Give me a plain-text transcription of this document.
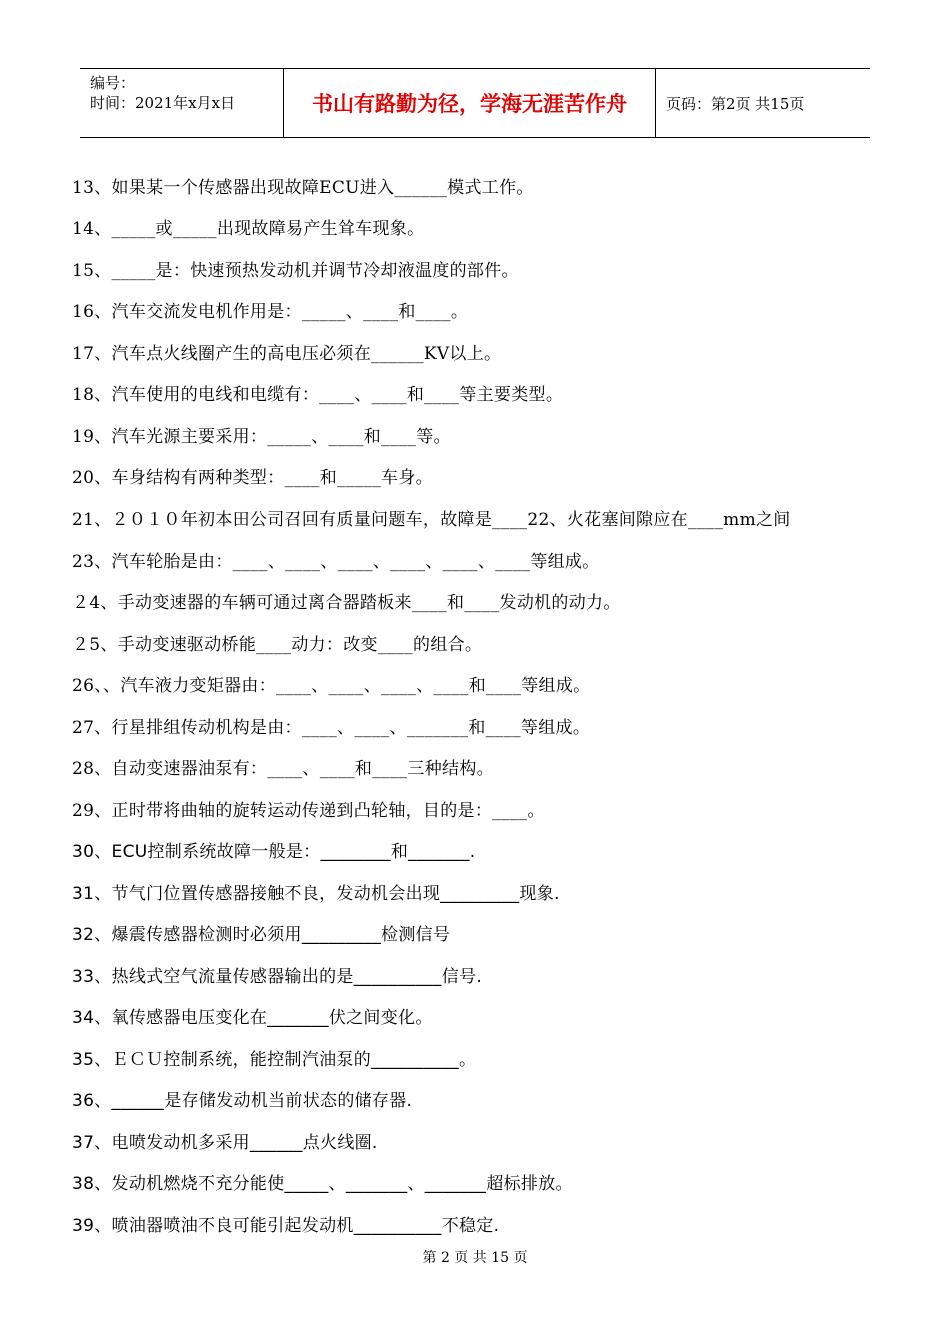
编号：
时间：2021年x月x日	书山有路勤为径，学海无涯苦作舟	页码：第2页 共15页
13、如果某一个传感器出现故障ECU进入______模式工作。
14、_____或_____出现故障易产生耸车现象。
15、_____是：快速预热发动机并调节冷却液温度的部件。
16、汽车交流发电机作用是：_____、____和____。
17、汽车点火线圈产生的高电压必须在______KV以上。
18、汽车使用的电线和电缆有：____、____和____等主要类型。
19、汽车光源主要采用：_____、____和____等。
20、车身结构有两种类型：____和_____车身。
21、２０１０年初本田公司召回有质量问题车，故障是____22、火花塞间隙应在____mm之间
23、汽车轮胎是由：____、____、____、____、____、____等组成。
２4、手动变速器的车辆可通过离合器踏板来____和____发动机的动力。
２5、手动变速驱动桥能____动力：改变____的组合。
26、、汽车液力变矩器由：____、____、____、____和____等组成。
27、行星排组传动机构是由：____、____、_______和____等组成。
28、自动变速器油泵有：____、____和____三种结构。
29、正时带将曲轴的旋转运动传递到凸轮轴，目的是：____。
30、ECU控制系统故障一般是：________和_______.
31、节气门位置传感器接触不良，发动机会出现_________现象.
32、爆震传感器检测时必须用_________检测信号
33、热线式空气流量传感器输出的是__________信号.
34、氧传感器电压变化在_______伏之间变化。
35、ＥＣＵ控制系统，能控制汽油泵的__________。
36、______是存储发动机当前状态的储存器.
37、电喷发动机多采用______点火线圈.
38、发动机燃烧不充分能使_____、_______、_______超标排放。
39、喷油器喷油不良可能引起发动机__________不稳定.
第 2 页 共 15 页
